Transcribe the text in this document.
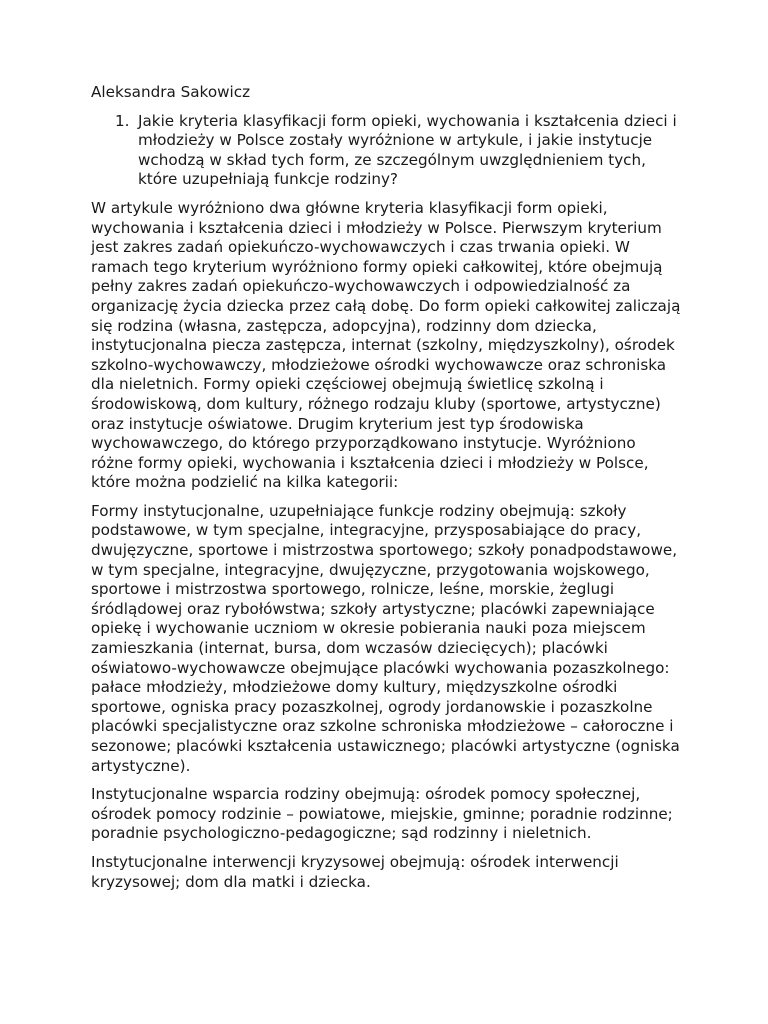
Aleksandra Sakowicz

1. Jakie kryteria klasyfikacji form opieki, wychowania i kształcenia dzieci i młodzieży w Polsce zostały wyróżnione w artykule, i jakie instytucje wchodzą w skład tych form, ze szczególnym uwzględnieniem tych, które uzupełniają funkcje rodziny?

W artykule wyróżniono dwa główne kryteria klasyfikacji form opieki, wychowania i kształcenia dzieci i młodzieży w Polsce. Pierwszym kryterium jest zakres zadań opiekuńczo-wychowawczych i czas trwania opieki. W ramach tego kryterium wyróżniono formy opieki całkowitej, które obejmują pełny zakres zadań opiekuńczo-wychowawczych i odpowiedzialność za organizację życia dziecka przez całą dobę. Do form opieki całkowitej zaliczają się rodzina (własna, zastępcza, adopcyjna), rodzinny dom dziecka, instytucjonalna piecza zastępcza, internat (szkolny, międzyszkolny), ośrodek szkolno-wychowawczy, młodzieżowe ośrodki wychowawcze oraz schroniska dla nieletnich. Formy opieki częściowej obejmują świetlicę szkolną i środowiskową, dom kultury, różnego rodzaju kluby (sportowe, artystyczne) oraz instytucje oświatowe. Drugim kryterium jest typ środowiska wychowawczego, do którego przyporządkowano instytucje. Wyróżniono różne formy opieki, wychowania i kształcenia dzieci i młodzieży w Polsce, które można podzielić na kilka kategorii:

Formy instytucjonalne, uzupełniające funkcje rodziny obejmują: szkoły podstawowe, w tym specjalne, integracyjne, przysposabiające do pracy, dwujęzyczne, sportowe i mistrzostwa sportowego; szkoły ponadpodstawowe, w tym specjalne, integracyjne, dwujęzyczne, przygotowania wojskowego, sportowe i mistrzostwa sportowego, rolnicze, leśne, morskie, żeglugi śródlądowej oraz rybołówstwa; szkoły artystyczne; placówki zapewniające opiekę i wychowanie uczniom w okresie pobierania nauki poza miejscem zamieszkania (internat, bursa, dom wczasów dziecięcych); placówki oświatowo-wychowawcze obejmujące placówki wychowania pozaszkolnego: pałace młodzieży, młodzieżowe domy kultury, międzyszkolne ośrodki sportowe, ogniska pracy pozaszkolnej, ogrody jordanowskie i pozaszkolne placówki specjalistyczne oraz szkolne schroniska młodzieżowe – całoroczne i sezonowe; placówki kształcenia ustawicznego; placówki artystyczne (ogniska artystyczne).

Instytucjonalne wsparcia rodziny obejmują: ośrodek pomocy społecznej, ośrodek pomocy rodzinie – powiatowe, miejskie, gminne; poradnie rodzinne; poradnie psychologiczno-pedagogiczne; sąd rodzinny i nieletnich.

Instytucjonalne interwencji kryzysowej obejmują: ośrodek interwencji kryzysowej; dom dla matki i dziecka.
